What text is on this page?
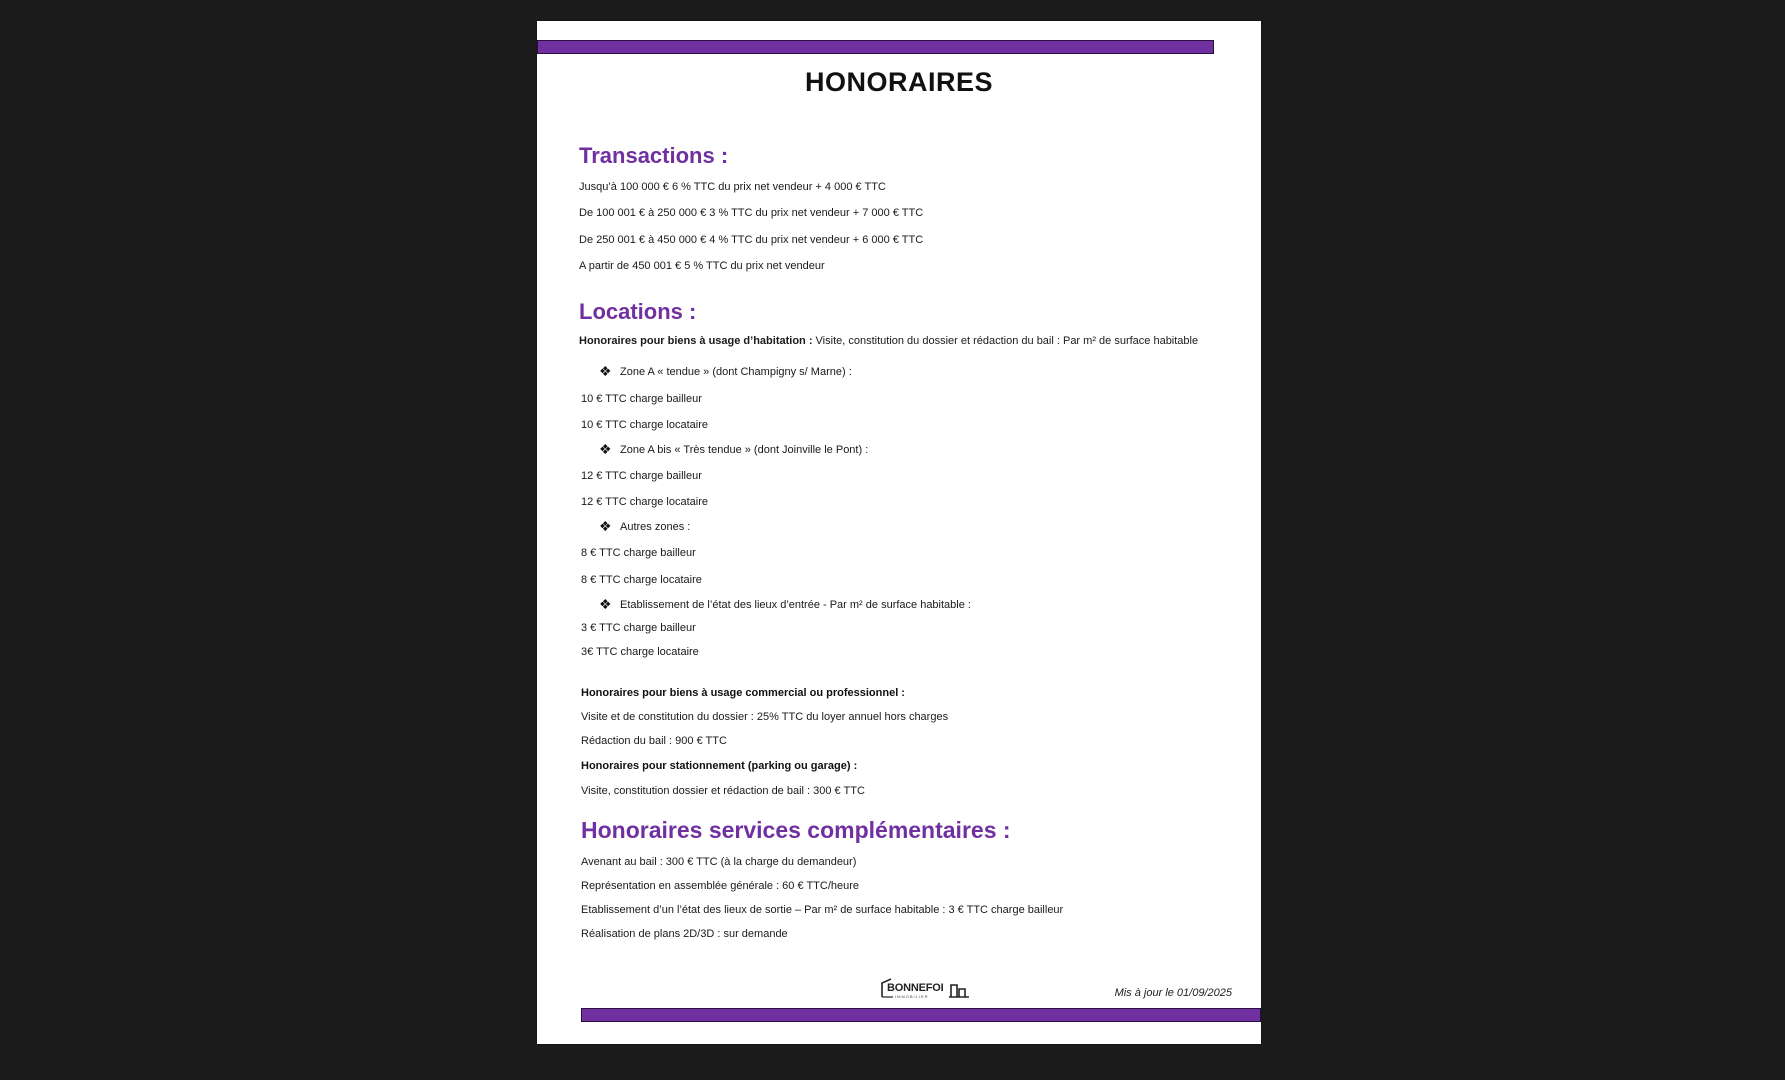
HONORAIRES
Transactions :
Jusqu’à 100 000 € 6 % TTC du prix net vendeur + 4 000 € TTC
De 100 001 € à 250 000 € 3 % TTC du prix net vendeur + 7 000 € TTC
De 250 001 € à 450 000 € 4 % TTC du prix net vendeur + 6 000 € TTC
A partir de 450 001 € 5 % TTC du prix net vendeur
Locations :
Honoraires pour biens à usage d’habitation : Visite, constitution du dossier et rédaction du bail : Par m² de surface habitable
❖ Zone A « tendue » (dont Champigny s/ Marne) :
10 € TTC charge bailleur
10 € TTC charge locataire
❖ Zone A bis « Très tendue » (dont Joinville le Pont) :
12 € TTC charge bailleur
12 € TTC charge locataire
❖ Autres zones :
8 € TTC charge bailleur
8 € TTC charge locataire
❖ Etablissement de l’état des lieux d’entrée - Par m² de surface habitable :
3 € TTC charge bailleur
3€ TTC charge locataire
Honoraires pour biens à usage commercial ou professionnel :
Visite et de constitution du dossier : 25% TTC du loyer annuel hors charges
Rédaction du bail : 900 € TTC
Honoraires pour stationnement (parking ou garage) :
Visite, constitution dossier et rédaction de bail : 300 € TTC
Honoraires services complémentaires :
Avenant au bail : 300 € TTC (à la charge du demandeur)
Représentation en assemblée générale : 60 € TTC/heure
Etablissement d’un l’état des lieux de sortie – Par m² de surface habitable : 3 € TTC charge bailleur
Réalisation de plans 2D/3D : sur demande
BONNEFOI
IMMOBILIER	Mis à jour le 01/09/2025
